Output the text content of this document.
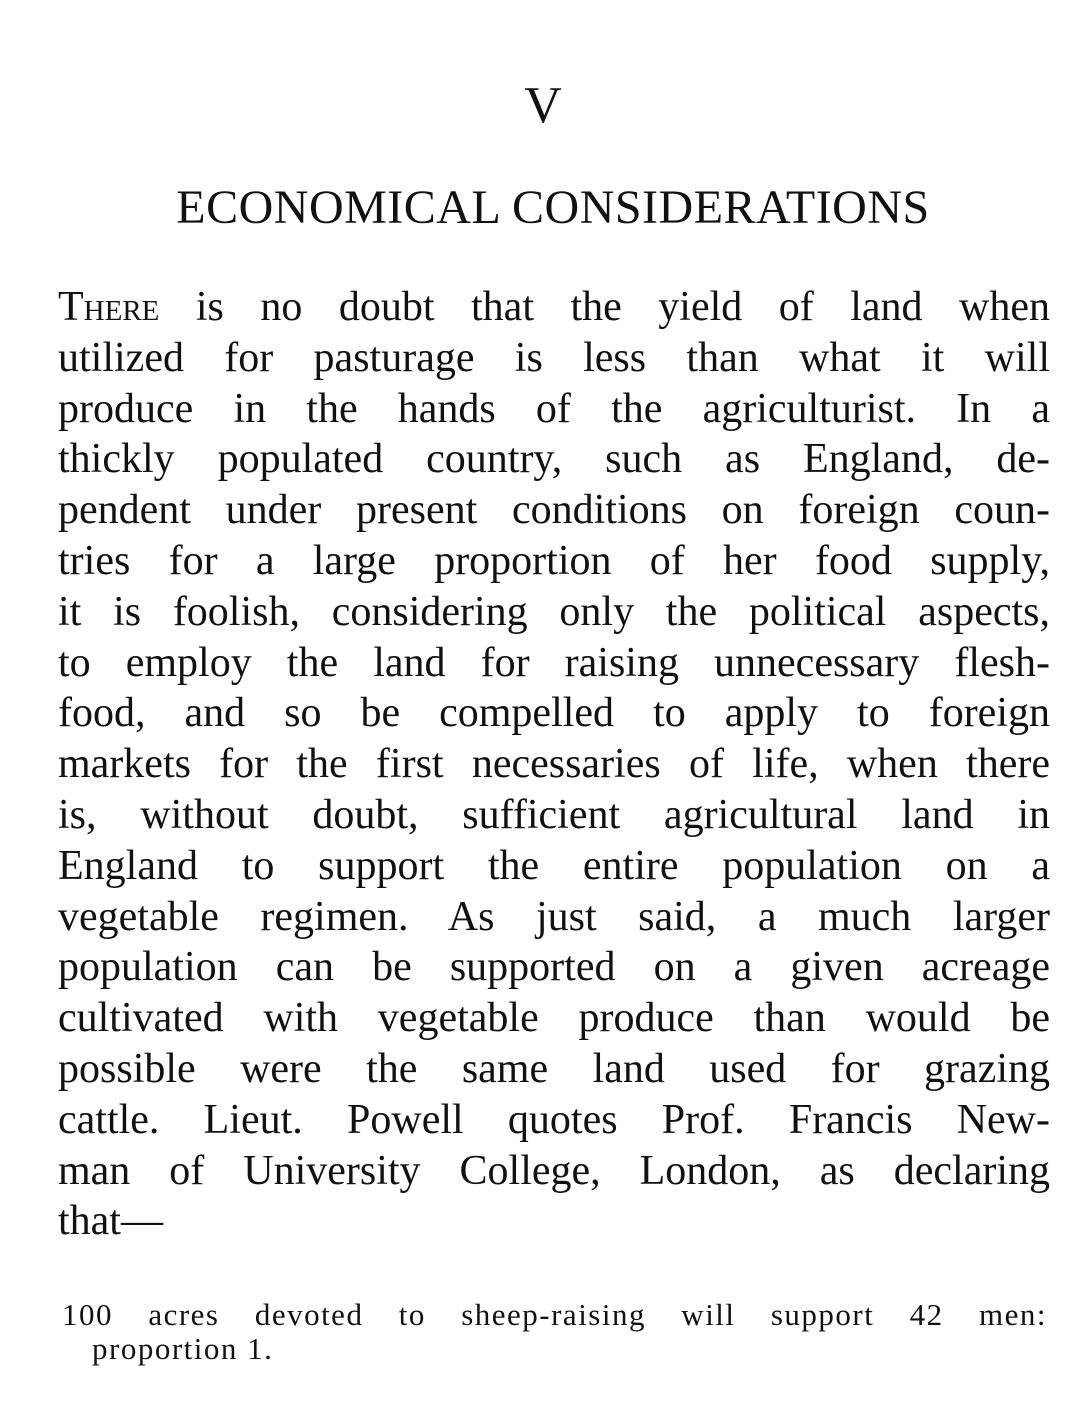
V
ECONOMICAL CONSIDERATIONS
There is no doubt that the yield of land when
utilized for pasturage is less than what it will
produce in the hands of the agriculturist. In a
thickly populated country, such as England, de-
pendent under present conditions on foreign coun-
tries for a large proportion of her food supply,
it is foolish, considering only the political aspects,
to employ the land for raising unnecessary flesh-
food, and so be compelled to apply to foreign
markets for the first necessaries of life, when there
is, without doubt, sufficient agricultural land in
England to support the entire population on a
vegetable regimen. As just said, a much larger
population can be supported on a given acreage
cultivated with vegetable produce than would be
possible were the same land used for grazing
cattle. Lieut. Powell quotes Prof. Francis New-
man of University College, London, as declaring
that—
100 acres devoted to sheep-raising will support 42 men:
proportion 1.
